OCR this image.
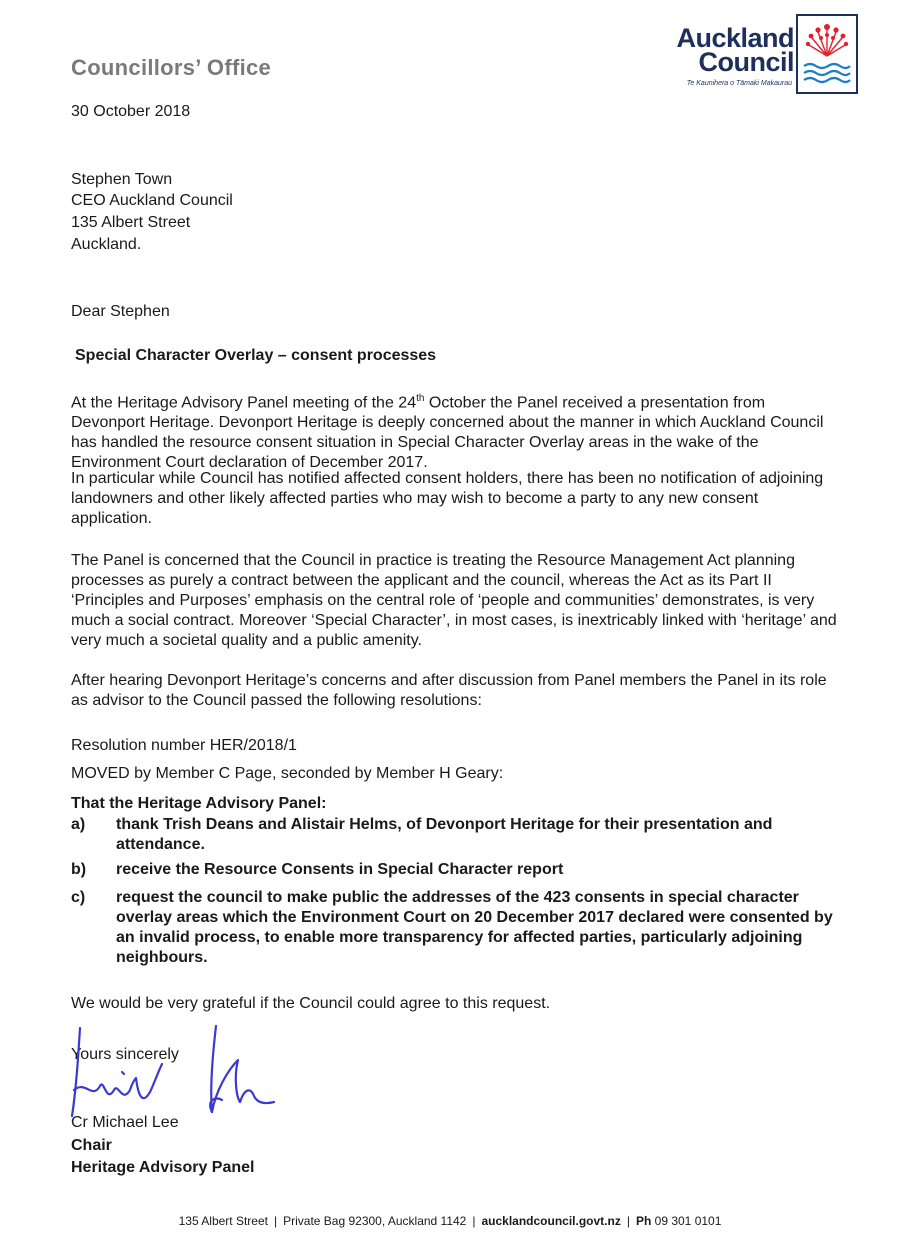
Councillors’ Office
Auckland
Council
Te Kaunihera o Tāmaki Makaurau
30 October 2018
Stephen Town
CEO Auckland Council
135 Albert Street
Auckland.
Dear Stephen
Special Character Overlay – consent processes
At the Heritage Advisory Panel meeting of the 24th October the Panel received a presentation from Devonport Heritage. Devonport Heritage is deeply concerned about the manner in which Auckland Council has handled the resource consent situation in Special Character Overlay areas in the wake of the Environment Court declaration of December 2017.
In particular while Council has notified affected consent holders, there has been no notification of adjoining landowners and other likely affected parties who may wish to become a party to any new consent application.
The Panel is concerned that the Council in practice is treating the Resource Management Act planning processes as purely a contract between the applicant and the council, whereas the Act as its Part II ‘Principles and Purposes’ emphasis on the central role of ‘people and communities’ demonstrates, is very much a social contract. Moreover ‘Special Character’, in most cases, is inextricably linked with ‘heritage’ and very much a societal quality and a public amenity.
After hearing Devonport Heritage’s concerns and after discussion from Panel members the Panel in its role as advisor to the Council passed the following resolutions:
Resolution number HER/2018/1
MOVED by Member C Page, seconded by Member H Geary:
That the Heritage Advisory Panel:
a) thank Trish Deans and Alistair Helms, of Devonport Heritage for their presentation and attendance.
b) receive the Resource Consents in Special Character report
c) request the council to make public the addresses of the 423 consents in special character overlay areas which the Environment Court on 20 December 2017 declared were consented by an invalid process, to enable more transparency for affected parties, particularly adjoining neighbours.
We would be very grateful if the Council could agree to this request.
Yours sincerely
Cr Michael Lee
Chair
Heritage Advisory Panel
135 Albert Street | Private Bag 92300, Auckland 1142 | aucklandcouncil.govt.nz | Ph 09 301 0101
